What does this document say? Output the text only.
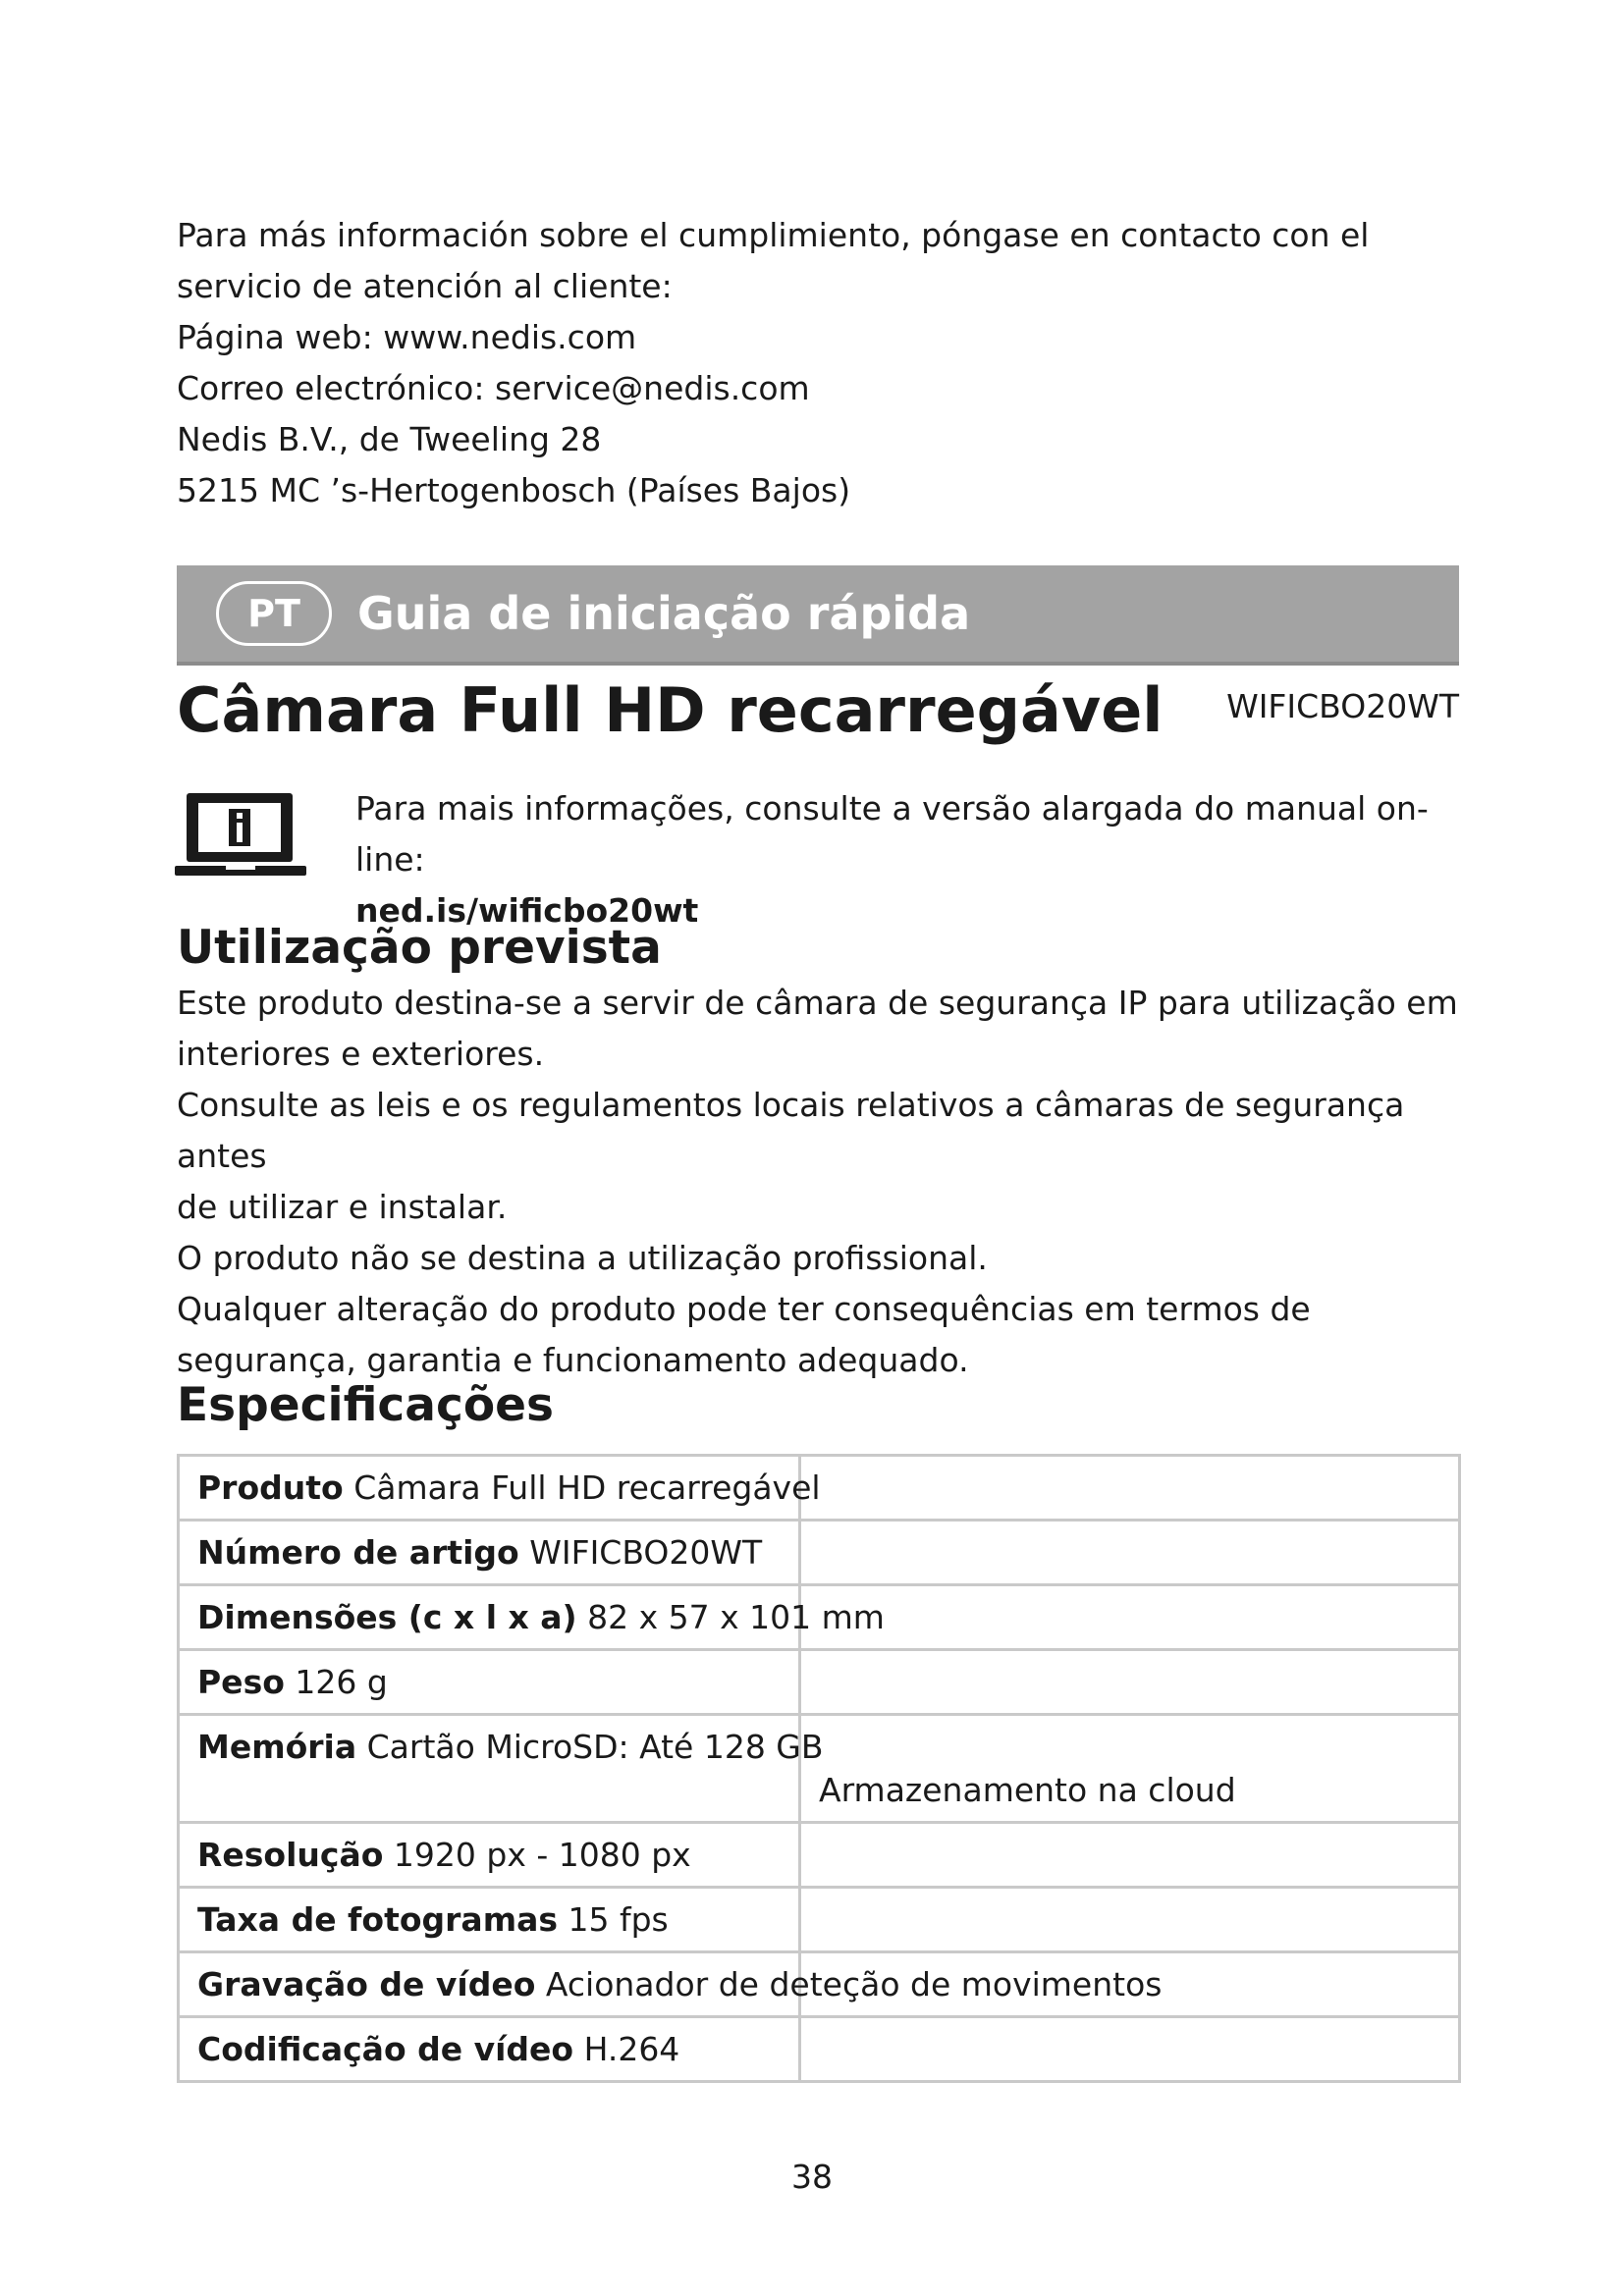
Para más información sobre el cumplimiento, póngase en contacto con el

servicio de atención al cliente:

Página web: www.nedis.com

Correo electrónico: service@nedis.com

Nedis B.V., de Tweeling 28

5215 MC ’s-Hertogenbosch (Países Bajos)

PT	Guia de iniciação rápida
Câmara Full HD recarregável WIFICBO20WT

Para mais informações, consulte a versão alargada do manual on-line:

ned.is/wificbo20wt

Utilização prevista

Este produto destina-se a servir de câmara de segurança IP para utilização em

interiores e exteriores.

Consulte as leis e os regulamentos locais relativos a câmaras de segurança antes

de utilizar e instalar.

O produto não se destina a utilização profissional.

Qualquer alteração do produto pode ter consequências em termos de

segurança, garantia e funcionamento adequado.

Especificações
Produto Câmara Full HD recarregável	

Número de artigo WIFICBO20WT	

Dimensões (c x l x a) 82 x 57 x 101 mm	

Peso 126 g	

Memória Cartão MicroSD: Até 128 GB	Armazenamento na cloud

Resolução 1920 px - 1080 px	

Taxa de fotogramas 15 fps	

Gravação de vídeo Acionador de deteção de movimentos	

Codificação de vídeo H.264	

38
